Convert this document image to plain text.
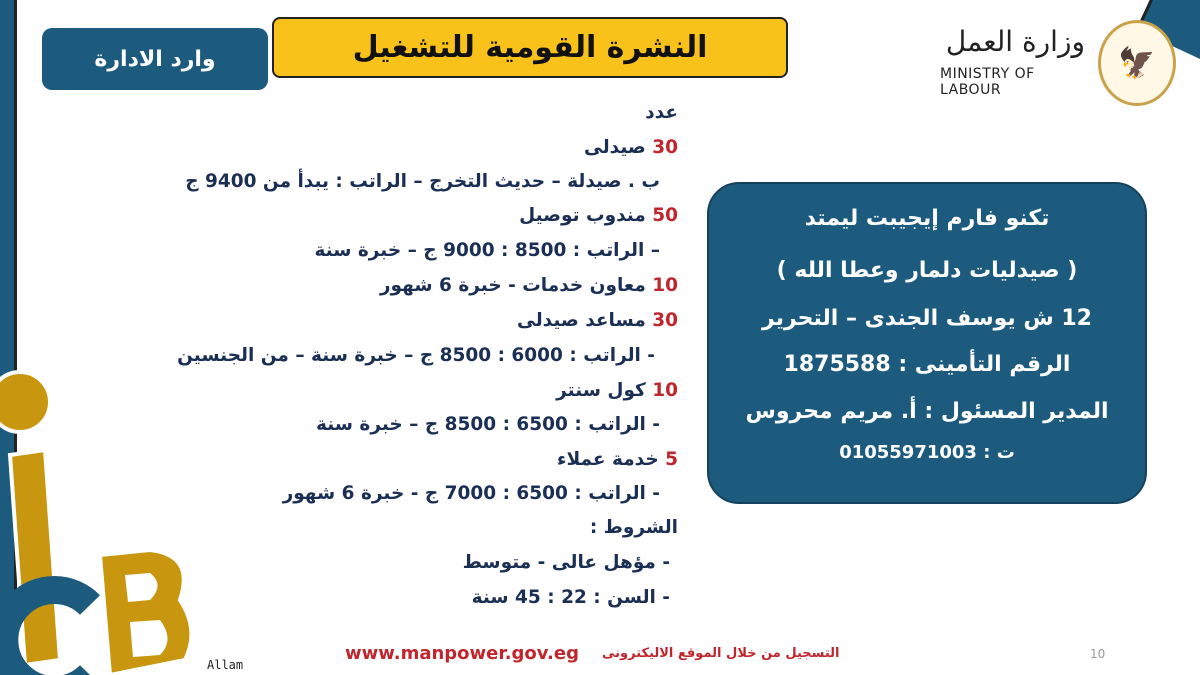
وارد الادارة	النشرة القومية للتشغيل	وزارة العمل
MINISTRY OF LABOUR
🦅
عدد
30 صيدلى
ب . صيدلة – حديث التخرج – الراتب : يبدأ من 9400 ج
50 مندوب توصيل
– الراتب : 8500 : 9000 ج – خبرة سنة
10 معاون خدمات - خبرة 6 شهور
30 مساعد صيدلى
- الراتب : 6000 : 8500 ج – خبرة سنة – من الجنسين
10 كول سنتر
- الراتب : 6500 : 8500 ج – خبرة سنة
5 خدمة عملاء
- الراتب : 6500 : 7000 ج - خبرة 6 شهور
الشروط :
- مؤهل عالى - متوسط
- السن : 22 : 45 سنة
تكنو فارم إيجيبت ليمتد
( صيدليات دلمار وعطا الله )
12 ش يوسف الجندى – التحرير
الرقم التأمينى : 1875588
المدير المسئول : أ. مريم محروس
ت : 01055971003
www.manpower.gov.eg التسجيل من خلال الموقع الاليكترونى	10
Allam
